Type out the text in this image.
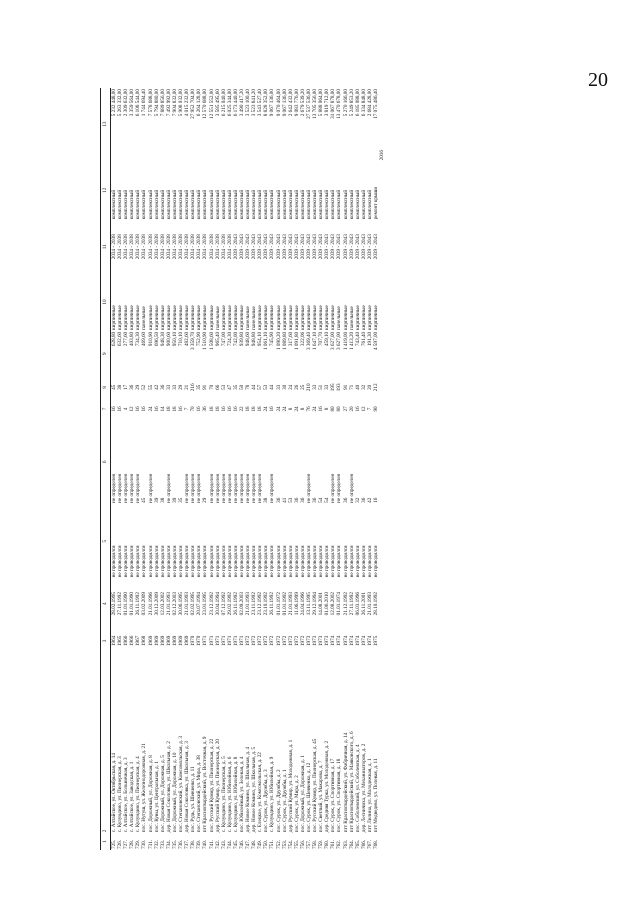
20
1	2	3	4	5	6	7	8	9	10	11	12	13
725.	с. Алтайское, ул. Октябрьская, д. 14	1964	28.02.1995	не проводился	не определен	16	45	628,80	кирпичные	2034 - 2038	комплексный	5 232 448,00
726.	с. Кулундино, ул. Пионерская, д. 3	1965	27.11.1992	не проводился	не определен	16	38	632,60	кирпичные	2034 - 2038	комплексный	5 263 332,00
727.	с. Алтайское, ул. Больничная, д. 3	1966	01.01.1990	не проводился	не определен	4	17	277,60	кирпичные	2034 - 2038	комплексный	2 309 632,00
728.	с. Алтайское, ул. Заводская, д. 1	1966	01.01.1990	не проводился	не определен	12	36	403,80	кирпичные	2034 - 2038	комплексный	3 359 564,00
729.	с. Кулундино, ул. Пионерская, д. 4	1967	26.11.1992	не проводился	не определен	16	29	734,30	кирпичные	2034 - 2038	комплексный	6 108 544,00
730.	пос. Нугуш, ул. Железнодорожная, д. 21	1968	03.02.2009	не проводился	45	16	52	469,60	панельные	2034 - 2038	комплексный	1 744 694,40
731.	пос. Дорожный, ул. Дорожная, д. 8	1969	21.01.1996	не проводился	не определен	24	55	910,90	кирпичные	2034 - 2038	комплексный	7 578 688,00
732.	пос. Кувы, ул. Центральная, д. 1	1969	30.12.2009	не проводился	39	16	42	696,50	кирпичные	2034 - 2038	комплексный	5 794 880,00
733.	пос. Дорожный, ул. Дорожная, д. 5	1969	12.03.2002	не проводился	38	14	36	948,30	кирпичные	2034 - 2038	комплексный	7 889 856,00
734.	дер. Новая Соколовка, ул. Школьная, д. 2	1969	21.01.1993	не проводился	не определен	18	33	900,60	кирпичные	2034 - 2038	комплексный	7 492 992,00
735.	пос. Дорожный, ул. Дорожная, д. 10	1969	02.12.2003	не проводился	39	18	33	950,10	кирпичные	2034 - 2038	комплексный	7 904 832,00
736.	пос. Степановский, ул. Комсомольская, д. 3	1969	30.06.1995	не проводился	35	16	29	710,10	кирпичные	2034 - 2038	комплексный	5 908 032,00
737.	дер. Новая Соколовка, ул. Школьная, д. 3	1969	21.01.1993	не проводился	не определен	7	21	482,60	кирпичные	2034 - 2038	комплексный	4 015 232,00
738.	пос. Рудь, ул. Шевченко, д. 11	1970	02.02.1995	не проводился	не определен	70	216	3 359,70	кирпичные	2034 - 2038	комплексный	27 952 704,00
739.	пос. Степановский, ул. Мира, д. 38	1970	20.07.1994	не проводился	не определен	16	35	752,90	кирпичные	2034 - 2038	комплексный	6 264 128,00
740.	пгт Красногвардейский, ул. Восточная, д. 9	1971	23.01.1995	не проводился	29	36	91	1 510,90	кирпичные	2034 - 2038	комплексный	12 570 688,00
741.	пос. Русский Кумир, ул. Пионерская, д. 22	1971	23.12.1992	не проводился	не определен	18	70	1 508,60	кирпичные	2034 - 2038	комплексный	12 551 552,00
742.	дер. Русский Кумир, ул. Пионерская, д. 20	1971	30.04.1994	не проводился	не определен	18	66	965,40	панельные	2034 - 2038	комплексный	3 585 495,60
743.	с. Кулундино, ул. Пионерская, д. 5	1971	07.12.1992	не проводился	не определен	16	53	747,00	кирпичные	2034 - 2038	комплексный	6 215 040,00
744.	с. Кулундино, ул. Юбилейная, д. 6	1971	29.02.1992	не проводился	не определен	16	47	724,30	кирпичные	2034 - 2038	комплексный	6 025 344,00
745.	с. Кулундино, ул. Юбилейная, д. 8	1971	26.11.1992	не проводился	не определен	16	35	742,00	кирпичные	2039 - 2043	комплексный	6 173 440,00
746.	пос. Юбилейный, ул. Зеленая, д. 4	1971	02.09.2003	не проводился	не определен	22	50	939,80	кирпичные	2039 - 2043	комплексный	3 490 417,20
747.	дер. Новое Комино, ул. Школьная, д. 4	1972	21.01.1993	не проводился	не определен	18	78	948,60	панельные	2039 - 2043	комплексный	3 523 100,40
748.	дер. Новое Комино, ул. Школьная, д. 5	1972	23.11.1992	не проводился	не определен	18	44	948,80	панельные	2039 - 2043	комплексный	3 523 841,20
749.	с. Елецкое, ул. Комсомольская, д. 22	1972	23.12.1992	не проводился	не определен	18	57	954,10	кирпичные	2039 - 2043	комплексный	3 543 527,40
750.	пос. Сурок, ул. Дружбы, д. 3	1972	23.10.1992	не проводился	38	24	53	1 061,10	кирпичные	2039 - 2043	комплексный	8 828 352,00
751.	с. Кулундино, ул. Юбилейная, д. 9	1972	26.11.1992	не проводился	не определен	16	44	745,90	кирпичные	2039 - 2043	комплексный	9 067 136,00
752.	пос. Сурок, ул. Дружбы, д. 2	1972	01.01.1972	не проводился	36	24	33	1 090,20	кирпичные	2039 - 2043	комплексный	9 070 464,00
753.	пос. Сурок, ул. Дружбы, д. 1	1972	01.01.1992	не проводился	41	24	30	1 089,80	кирпичные	2039 - 2043	комплексный	9 067 136,00
754.	дер. Русский Кумир, ул. Молодежная, д. 1	1972	21.01.1993	не проводился	53	8	24	317,60	кирпичные	2039 - 2043	комплексный	2 642 432,00
755.	пос. Сурок, ул. Мира, д. 2	1972	11.06.1999	не проводился	36	24	26	1 091,80	кирпичные	2039 - 2043	комплексный	9 083 776,00
756.	пос. Дорожный, ул. Дорожная, д. 1	1972	24.04.1996	не проводился	36	8	25	322,06	кирпичные	2039 - 2043	комплексный	2 679 539,20
757.	пос. Сурок, ул. Шевченко, д. 12	1973	13.11.1995	не проводился	не определен	76	210	3 369,40	кирпичные	2039 - 2043	комплексный	27 537 536,00
758.	пос. Русский Кумир, ул. Пионерская, д. 45	1973	29.12.1994	не проводился	36	24	33	1 647,10	кирпичные	2039 - 2043	комплексный	13 705 356,00
759.	пос. Светлый, ул. Макарова, д. 7	1973	14.08.2001	не проводился	54	16	51	707,70	кирпичные	2039 - 2043	комплексный	5 888 064,00
760.	дер. Средняя Турка, ул. Молодежная, д. 2	1973	01.06.2010	не проводился	54	8	33	459,10	кирпичные	2039 - 2043	комплексный	3 819 712,00
761.	пос. Сурок, ул. Спортивная, д. 17	1974	12.08.2002	не проводился	не определен	80	195	3 627,00	кирпичные	2039 - 2043	комплексный	31 067 878,00
762.	пос. Сурок, ул. Спортивная, д. 18	1974	01.01.1974	не проводился	не определен	80	193	3 627,00	панельные	2039 - 2043	комплексный	13 470 678,00
763.	пгт Красногвардейский, ул. Фабричная, д. 14	1974	21.12.1992	не проводился	36	27	91	1 419,00	кирпичные	2039 - 2043	комплексный	5 270 166,00
764.	пгт Красногвардейский, ул. Маяковского, д. 6	1974	27.11.1992	не проводился	не определен	20	71	1 413,20	панельные	2039 - 2043	комплексный	5 249 853,20
765.	пос. Соболевский, ул. Соболевская, д. 4	1974	06.03.1996	не проводился	32	16	40	743,40	кирпичные	2039 - 2043	комплексный	6 185 088,00
766.	дер. Лесничиха, ул. Механизаторов, д. 2	1974	26.11.2001	не проводился	36	12	32	761,40	кирпичные	2039 - 2043	комплексный	6 334 848,00
767.	пгт Лилина, ул. Молодежная, д. 1	1974	21.01.1993	не проводился	42	7	20	191,30	кирпичные	2039 - 2043	комплексный	2 684 428,00
768.	пгт Медведево, ул. Полевая, д. 11	1975	28.10.1992	не проводился	16	90	212	4 597,00	кирпичные	2039 - 2043	ремонт крыши	17 075 486,40
2016
